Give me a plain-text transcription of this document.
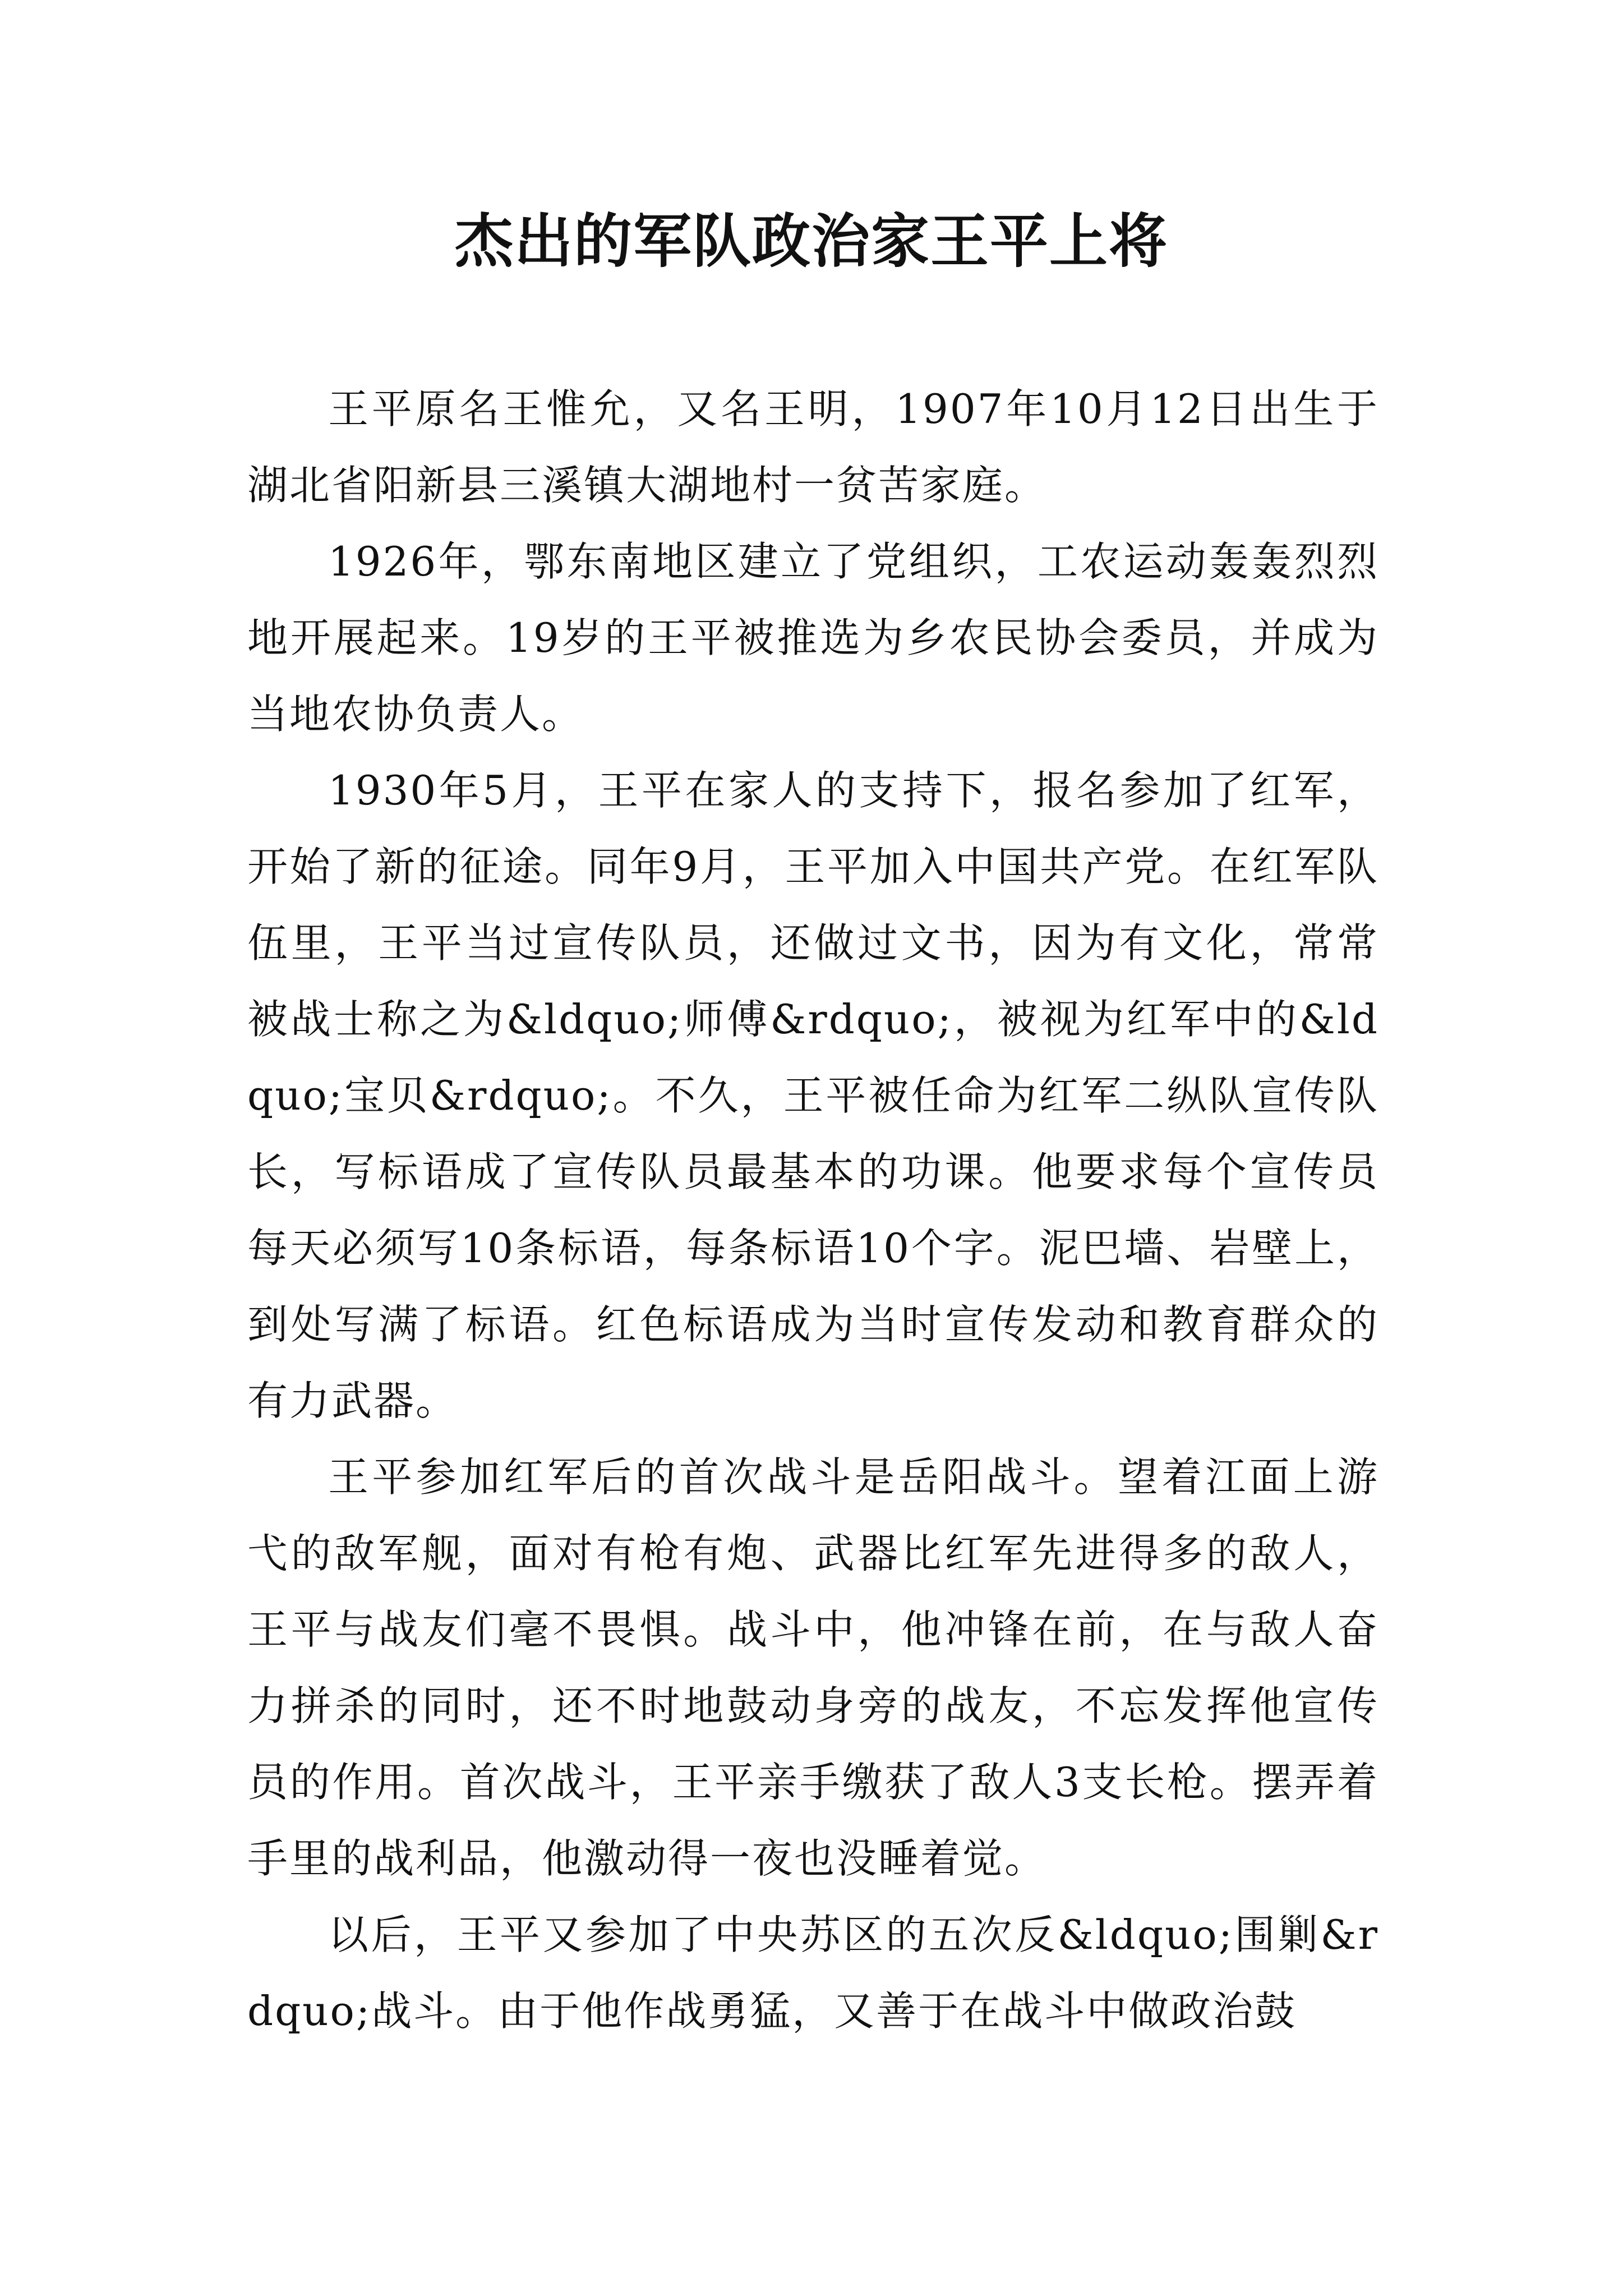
杰出的军队政治家王平上将

王平原名王惟允，又名王明，1907年10月12日出生于湖北省阳新县三溪镇大湖地村一贫苦家庭。

1926年，鄂东南地区建立了党组织，工农运动轰轰烈烈地开展起来。19岁的王平被推选为乡农民协会委员，并成为当地农协负责人。

1930年5月，王平在家人的支持下，报名参加了红军，开始了新的征途。同年9月，王平加入中国共产党。在红军队伍里，王平当过宣传队员，还做过文书，因为有文化，常常被战士称之为&ldquo;师傅&rdquo;，被视为红军中的&ldquo;宝贝&rdquo;。不久，王平被任命为红军二纵队宣传队长，写标语成了宣传队员最基本的功课。他要求每个宣传员每天必须写10条标语，每条标语10个字。泥巴墙、岩壁上，到处写满了标语。红色标语成为当时宣传发动和教育群众的有力武器。

王平参加红军后的首次战斗是岳阳战斗。望着江面上游弋的敌军舰，面对有枪有炮、武器比红军先进得多的敌人，王平与战友们毫不畏惧。战斗中，他冲锋在前，在与敌人奋力拼杀的同时，还不时地鼓动身旁的战友，不忘发挥他宣传员的作用。首次战斗，王平亲手缴获了敌人3支长枪。摆弄着手里的战利品，他激动得一夜也没睡着觉。

以后，王平又参加了中央苏区的五次反&ldquo;围剿&rdquo;战斗。由于他作战勇猛，又善于在战斗中做政治鼓
